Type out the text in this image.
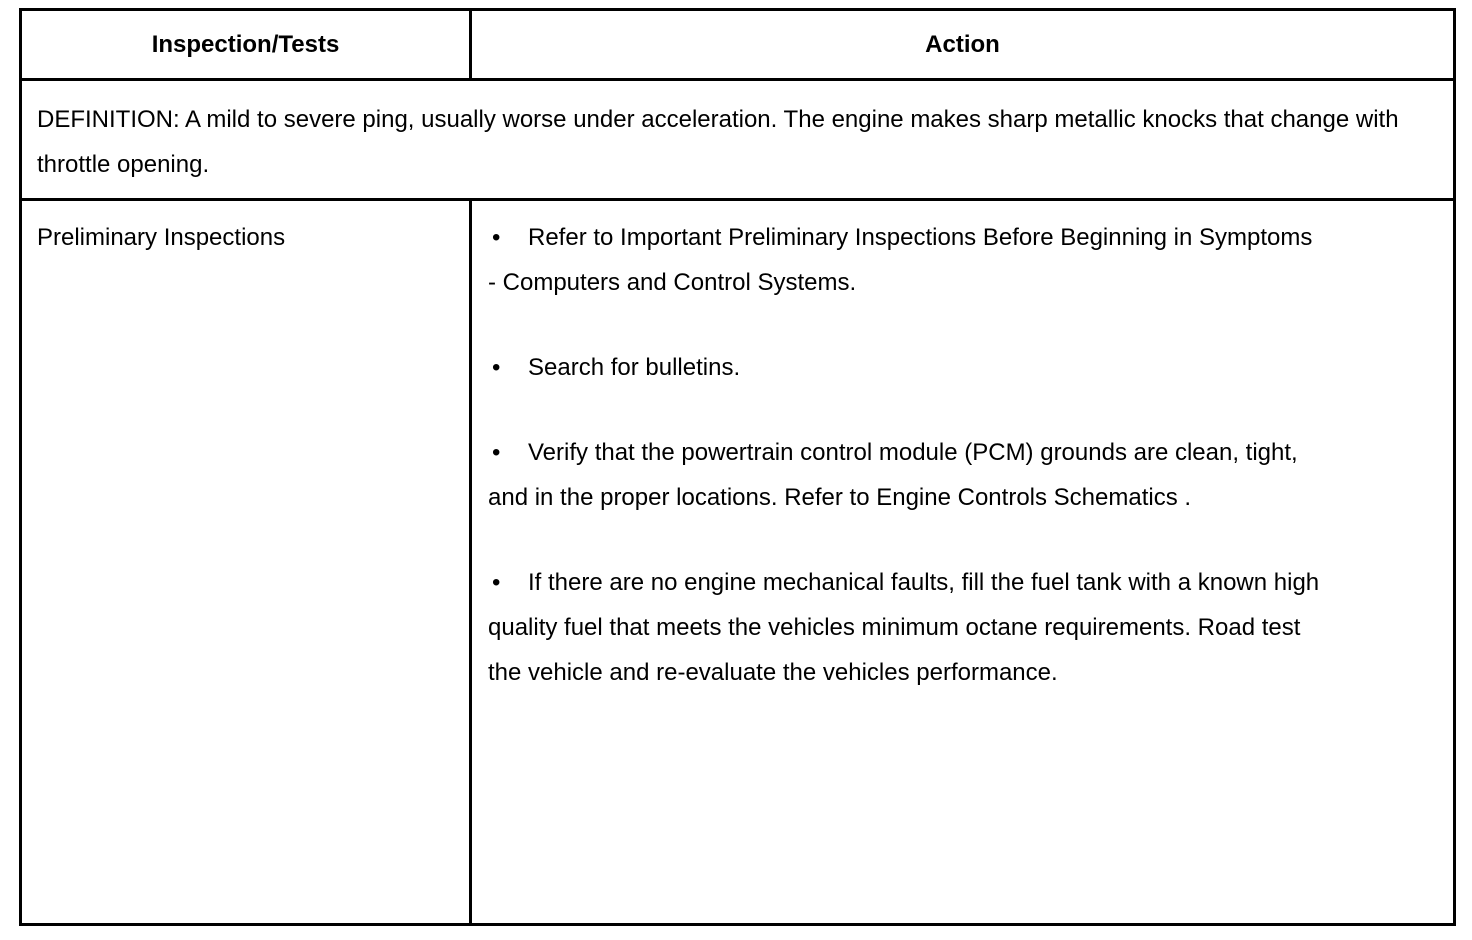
Inspection/Tests	Action
DEFINITION: A mild to severe ping, usually worse under acceleration. The engine makes sharp metallic knocks that change with throttle opening.
Preliminary Inspections	• Refer to Important Preliminary Inspections Before Beginning in Symptoms - Computers and Control Systems.
• Search for bulletins.
• Verify that the powertrain control module (PCM) grounds are clean, tight, and in the proper locations. Refer to Engine Controls Schematics .
• If there are no engine mechanical faults, fill the fuel tank with a known high quality fuel that meets the vehicles minimum octane requirements. Road test the vehicle and re-evaluate the vehicles performance.
